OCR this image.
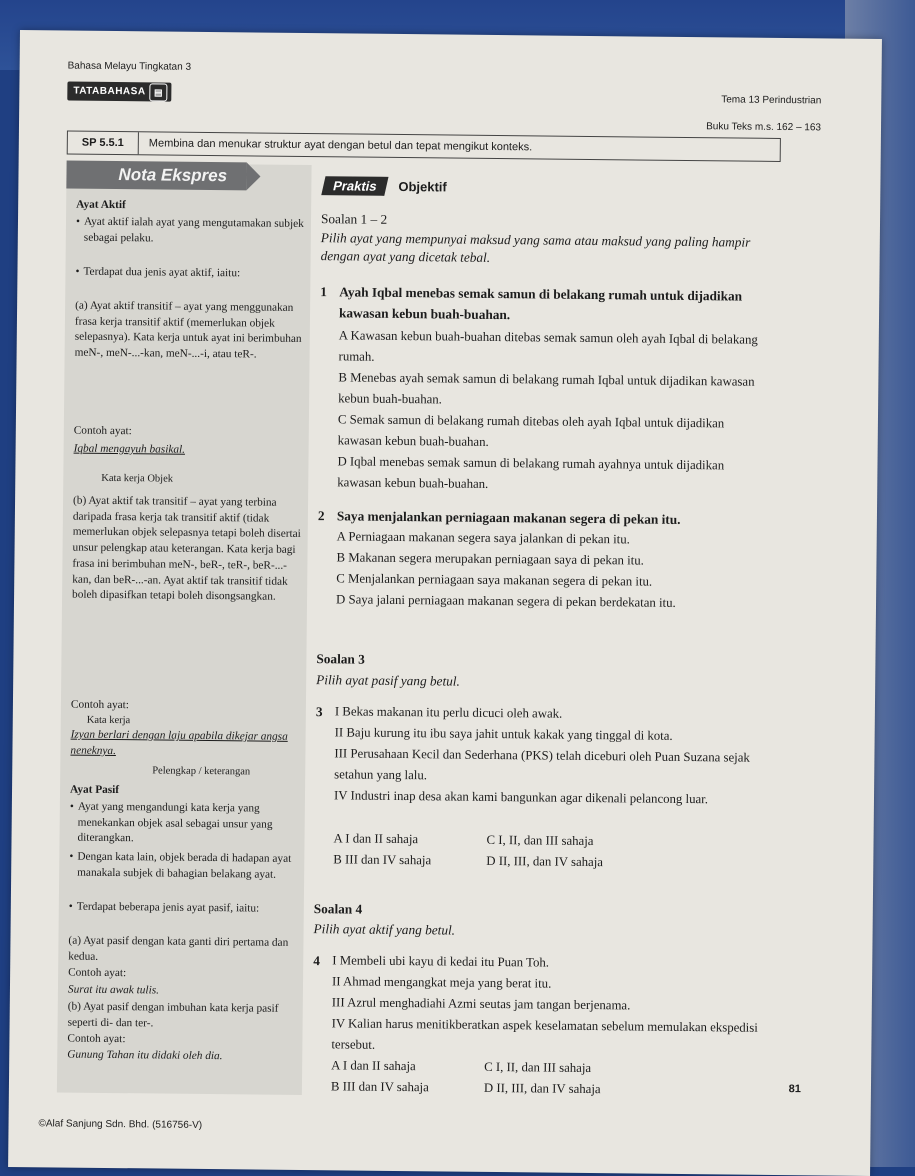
Bahasa Melayu Tingkatan 3
TATABAHASA ▤
Tema 13 Perindustrian
Buku Teks m.s. 162 – 163
SP 5.5.1	Membina dan menukar struktur ayat dengan betul dan tepat mengikut konteks.
Nota Ekspres
Ayat Aktif
• Ayat aktif ialah ayat yang mengutamakan subjek sebagai pelaku.
• Terdapat dua jenis ayat aktif, iaitu:
(a) Ayat aktif transitif – ayat yang menggunakan frasa kerja transitif aktif (memerlukan objek selepasnya). Kata kerja untuk ayat ini berimbuhan meN-, meN-...-kan, meN-...-i, atau teR-.
Contoh ayat:
Iqbal mengayuh basikal.
Kata kerja Objek
(b) Ayat aktif tak transitif – ayat yang terbina daripada frasa kerja tak transitif aktif (tidak memerlukan objek selepasnya tetapi boleh disertai unsur pelengkap atau keterangan. Kata kerja bagi frasa ini berimbuhan meN-, beR-, teR-, beR-...-kan, dan beR-...-an. Ayat aktif tak transitif tidak boleh dipasifkan tetapi boleh disongsangkan.
Contoh ayat:
Kata kerja
Izyan berlari dengan laju apabila dikejar angsa neneknya.
Pelengkap / keterangan
Ayat Pasif
• Ayat yang mengandungi kata kerja yang menekankan objek asal sebagai unsur yang diterangkan.
• Dengan kata lain, objek berada di hadapan ayat manakala subjek di bahagian belakang ayat.
• Terdapat beberapa jenis ayat pasif, iaitu:
(a) Ayat pasif dengan kata ganti diri pertama dan kedua.
Contoh ayat:
Surat itu awak tulis.
(b) Ayat pasif dengan imbuhan kata kerja pasif seperti di- dan ter-.
Contoh ayat:
Gunung Tahan itu didaki oleh dia.
Praktis	Objektif
Soalan 1 – 2
Pilih ayat yang mempunyai maksud yang sama atau maksud yang paling hampir dengan ayat yang dicetak tebal.
1 Ayah Iqbal menebas semak samun di belakang rumah untuk dijadikan kawasan kebun buah-buahan.
A Kawasan kebun buah-buahan ditebas semak samun oleh ayah Iqbal di belakang rumah.
B Menebas ayah semak samun di belakang rumah Iqbal untuk dijadikan kawasan kebun buah-buahan.
C Semak samun di belakang rumah ditebas oleh ayah Iqbal untuk dijadikan kawasan kebun buah-buahan.
D Iqbal menebas semak samun di belakang rumah ayahnya untuk dijadikan kawasan kebun buah-buahan.
2 Saya menjalankan perniagaan makanan segera di pekan itu.
A Perniagaan makanan segera saya jalankan di pekan itu.
B Makanan segera merupakan perniagaan saya di pekan itu.
C Menjalankan perniagaan saya makanan segera di pekan itu.
D Saya jalani perniagaan makanan segera di pekan berdekatan itu.
Soalan 3
Pilih ayat pasif yang betul.
3 I Bekas makanan itu perlu dicuci oleh awak.
II Baju kurung itu ibu saya jahit untuk kakak yang tinggal di kota.
III Perusahaan Kecil dan Sederhana (PKS) telah diceburi oleh Puan Suzana sejak setahun yang lalu.
IV Industri inap desa akan kami bangunkan agar dikenali pelancong luar.
A I dan II sahaja	C I, II, dan III sahaja
B III dan IV sahaja	D II, III, dan IV sahaja
Soalan 4
Pilih ayat aktif yang betul.
4 I Membeli ubi kayu di kedai itu Puan Toh.
II Ahmad mengangkat meja yang berat itu.
III Azrul menghadiahi Azmi seutas jam tangan berjenama.
IV Kalian harus menitikberatkan aspek keselamatan sebelum memulakan ekspedisi tersebut.
A I dan II sahaja	C I, II, dan III sahaja
B III dan IV sahaja	D II, III, dan IV sahaja	81
©Alaf Sanjung Sdn. Bhd. (516756-V)
